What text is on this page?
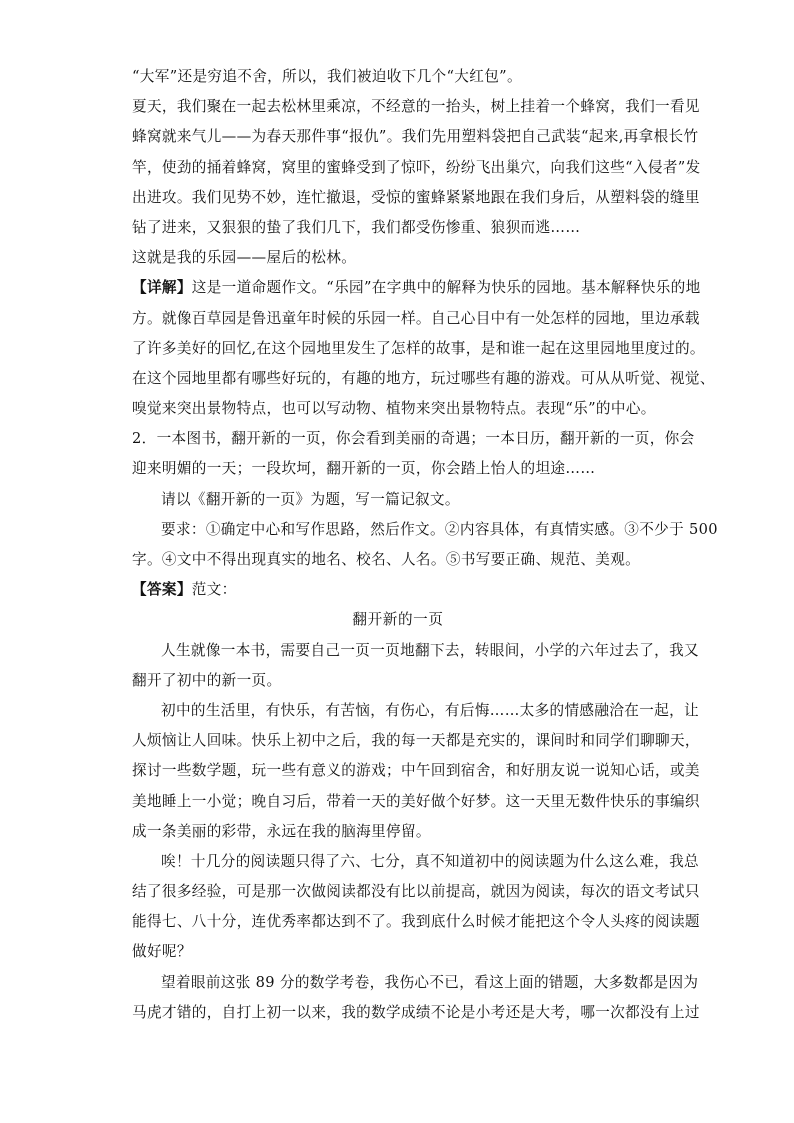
“大军”还是穷追不舍，所以，我们被迫收下几个“大红包”。
夏天，我们聚在一起去松林里乘凉，不经意的一抬头，树上挂着一个蜂窝，我们一看见
蜂窝就来气儿——为春天那件事“报仇”。我们先用塑料袋把自己武装“起来,再拿根长竹
竿，使劲的捅着蜂窝，窝里的蜜蜂受到了惊吓，纷纷飞出巢穴，向我们这些“入侵者”发
出进攻。我们见势不妙，连忙撤退，受惊的蜜蜂紧紧地跟在我们身后，从塑料袋的缝里
钻了进来，又狠狠的蛰了我们几下，我们都受伤惨重、狼狈而逃……
这就是我的乐园——屋后的松林。
【详解】这是一道命题作文。“乐园”在字典中的解释为快乐的园地。基本解释快乐的地
方。就像百草园是鲁迅童年时候的乐园一样。自己心目中有一处怎样的园地，里边承载
了许多美好的回忆,在这个园地里发生了怎样的故事，是和谁一起在这里园地里度过的。
在这个园地里都有哪些好玩的，有趣的地方，玩过哪些有趣的游戏。可从从听觉、视觉、
嗅觉来突出景物特点，也可以写动物、植物来突出景物特点。表现“乐”的中心。
2．一本图书，翻开新的一页，你会看到美丽的奇遇；一本日历，翻开新的一页，你会
迎来明媚的一天；一段坎坷，翻开新的一页，你会踏上怡人的坦途……
请以《翻开新的一页》为题，写一篇记叙文。
要求：①确定中心和写作思路，然后作文。②内容具体，有真情实感。③不少于 500
字。④文中不得出现真实的地名、校名、人名。⑤书写要正确、规范、美观。
【答案】范文：
翻开新的一页
人生就像一本书，需要自己一页一页地翻下去，转眼间，小学的六年过去了，我又
翻开了初中的新一页。
初中的生活里，有快乐，有苦恼，有伤心，有后悔……太多的情感融洽在一起，让
人烦恼让人回味。快乐上初中之后，我的每一天都是充实的，课间时和同学们聊聊天，
探讨一些数学题，玩一些有意义的游戏；中午回到宿舍，和好朋友说一说知心话，或美
美地睡上一小觉；晚自习后，带着一天的美好做个好梦。这一天里无数件快乐的事编织
成一条美丽的彩带，永远在我的脑海里停留。
唉！十几分的阅读题只得了六、七分，真不知道初中的阅读题为什么这么难，我总
结了很多经验，可是那一次做阅读都没有比以前提高，就因为阅读，每次的语文考试只
能得七、八十分，连优秀率都达到不了。我到底什么时候才能把这个令人头疼的阅读题
做好呢？
望着眼前这张 89 分的数学考卷，我伤心不已，看这上面的错题，大多数都是因为
马虎才错的，自打上初一以来，我的数学成绩不论是小考还是大考，哪一次都没有上过
